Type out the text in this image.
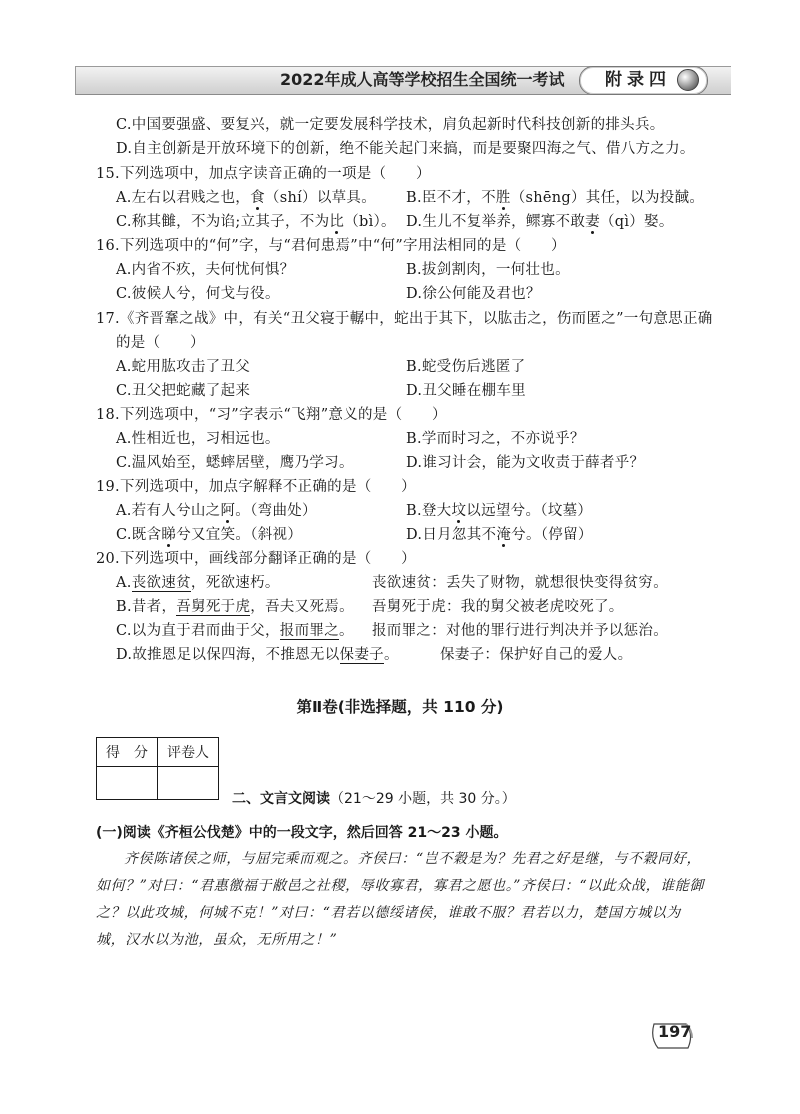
2022年成人高等学校招生全国统一考试 附录四
C.中国要强盛、要复兴，就一定要发展科学技术，肩负起新时代科技创新的排头兵。
D.自主创新是开放环境下的创新，绝不能关起门来搞，而是要聚四海之气、借八方之力。
15.下列选项中，加点字读音正确的一项是（　　）
A.左右以君贱之也，食（shí）以草具。 B.臣不才，不胜（shēng）其任，以为投馘。
C.称其雠，不为谄;立其子，不为比（bì）。 D.生儿不复举养，鳏寡不敢妻（qì）娶。
16.下列选项中的“何”字，与“君何患焉”中“何”字用法相同的是（　　）
A.内省不疚，夫何忧何惧？	B.拔剑割肉，一何壮也。
C.彼候人兮，何戈与役。	D.徐公何能及君也？
17.《齐晋鞌之战》中，有关“丑父寝于轏中，蛇出于其下，以肱击之，伤而匿之”一句意思正确
的是（　　）
A.蛇用肱攻击了丑父	B.蛇受伤后逃匿了
C.丑父把蛇藏了起来	D.丑父睡在棚车里
18.下列选项中，“习”字表示“飞翔”意义的是（　　）
A.性相近也，习相远也。	B.学而时习之，不亦说乎？
C.温风始至，蟋蟀居壁，鹰乃学习。	D.谁习计会，能为文收责于薛者乎？
19.下列选项中，加点字解释不正确的是（　　）
A.若有人兮山之阿。（弯曲处）	B.登大坟以远望兮。（坟墓）
C.既含睇兮又宜笑。（斜视）	D.日月忽其不淹兮。（停留）
20.下列选项中，画线部分翻译正确的是（　　）
A.丧欲速贫，死欲速朽。	丧欲速贫：丢失了财物，就想很快变得贫穷。
B.昔者，吾舅死于虎，吾夫又死焉。 吾舅死于虎：我的舅父被老虎咬死了。
C.以为直于君而曲于父，报而罪之。 报而罪之：对他的罪行进行判决并予以惩治。
D.故推恩足以保四海，不推恩无以保妻子。	保妻子：保护好自己的爱人。
第Ⅱ卷(非选择题，共 110 分)
得　分	评卷人

二、文言文阅读（21～29 小题，共 30 分。）
(一)阅读《齐桓公伐楚》中的一段文字，然后回答 21～23 小题。
齐侯陈诸侯之师，与屈完乘而观之。齐侯曰：“岂不穀是为？先君之好是继，与不穀同好，如何？”对曰：“君惠徼福于敝邑之社稷，辱收寡君，寡君之愿也。”齐侯曰：“以此众战，谁能御之？以此攻城，何城不克！”对曰：“君若以德绥诸侯，谁敢不服？君若以力，楚国方城以为城，汉水以为池，虽众，无所用之！”
197
